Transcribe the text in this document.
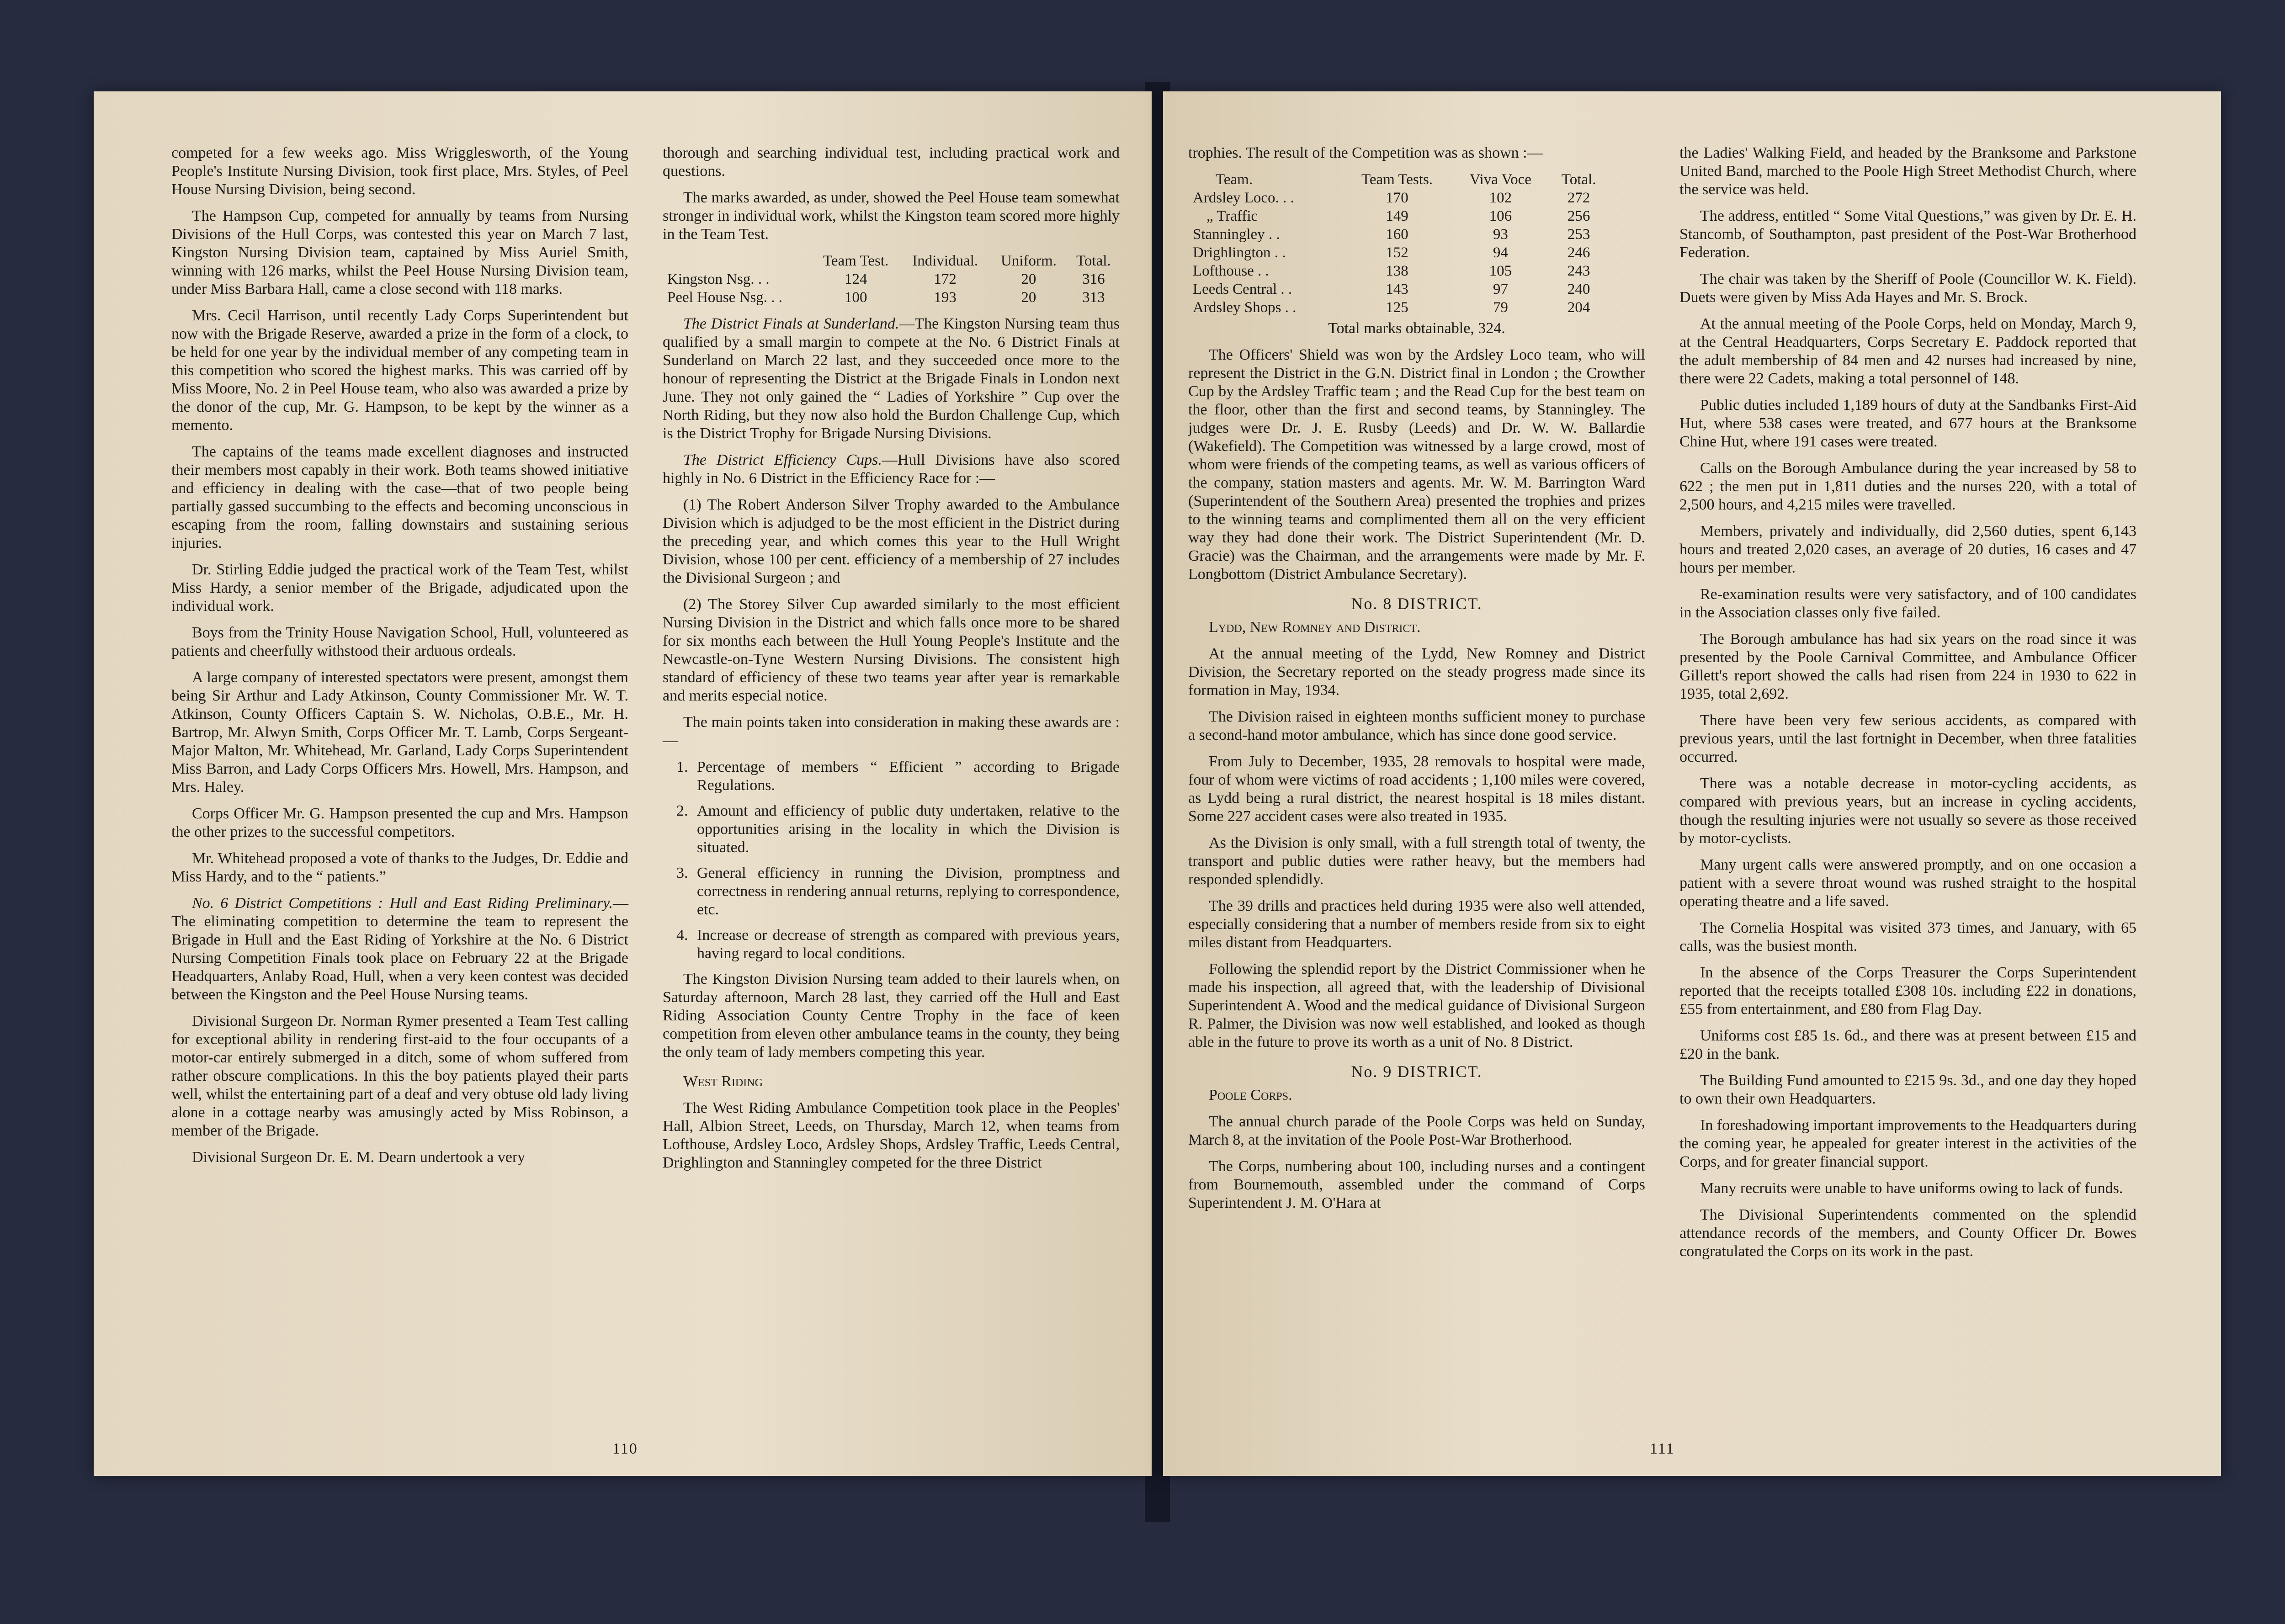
competed for a few weeks ago. Miss Wrigglesworth, of the Young People's Institute Nursing Division, took first place, Mrs. Styles, of Peel House Nursing Division, being second.

The Hampson Cup, competed for annually by teams from Nursing Divisions of the Hull Corps, was contested this year on March 7 last, Kingston Nursing Division team, captained by Miss Auriel Smith, winning with 126 marks, whilst the Peel House Nursing Division team, under Miss Barbara Hall, came a close second with 118 marks.

Mrs. Cecil Harrison, until recently Lady Corps Superintendent but now with the Brigade Reserve, awarded a prize in the form of a clock, to be held for one year by the individual member of any competing team in this competition who scored the highest marks. This was carried off by Miss Moore, No. 2 in Peel House team, who also was awarded a prize by the donor of the cup, Mr. G. Hampson, to be kept by the winner as a memento.

The captains of the teams made excellent diagnoses and instructed their members most capably in their work. Both teams showed initiative and efficiency in dealing with the case—that of two people being partially gassed succumbing to the effects and becoming unconscious in escaping from the room, falling downstairs and sustaining serious injuries.

Dr. Stirling Eddie judged the practical work of the Team Test, whilst Miss Hardy, a senior member of the Brigade, adjudicated upon the individual work.

Boys from the Trinity House Navigation School, Hull, volunteered as patients and cheerfully withstood their arduous ordeals.

A large company of interested spectators were present, amongst them being Sir Arthur and Lady Atkinson, County Commissioner Mr. W. T. Atkinson, County Officers Captain S. W. Nicholas, O.B.E., Mr. H. Bartrop, Mr. Alwyn Smith, Corps Officer Mr. T. Lamb, Corps Sergeant-Major Malton, Mr. Whitehead, Mr. Garland, Lady Corps Superintendent Miss Barron, and Lady Corps Officers Mrs. Howell, Mrs. Hampson, and Mrs. Haley.

Corps Officer Mr. G. Hampson presented the cup and Mrs. Hampson the other prizes to the successful competitors.

Mr. Whitehead proposed a vote of thanks to the Judges, Dr. Eddie and Miss Hardy, and to the “ patients.”

No. 6 District Competitions : Hull and East Riding Preliminary.—The eliminating competition to determine the team to represent the Brigade in Hull and the East Riding of Yorkshire at the No. 6 District Nursing Competition Finals took place on February 22 at the Brigade Headquarters, Anlaby Road, Hull, when a very keen contest was decided between the Kingston and the Peel House Nursing teams.

Divisional Surgeon Dr. Norman Rymer presented a Team Test calling for exceptional ability in rendering first-aid to the four occupants of a motor-car entirely submerged in a ditch, some of whom suffered from rather obscure complications. In this the boy patients played their parts well, whilst the entertaining part of a deaf and very obtuse old lady living alone in a cottage nearby was amusingly acted by Miss Robinson, a member of the Brigade.

Divisional Surgeon Dr. E. M. Dearn undertook a very

thorough and searching individual test, including practical work and questions.

The marks awarded, as under, showed the Peel House team somewhat stronger in individual work, whilst the Kingston team scored more highly in the Team Test.

	Team Test.	Individual.	Uniform.	Total.
Kingston Nsg. . .	124	172	20	316
Peel House Nsg. . .	100	193	20	313

The District Finals at Sunderland.—The Kingston Nursing team thus qualified by a small margin to compete at the No. 6 District Finals at Sunderland on March 22 last, and they succeeded once more to the honour of representing the District at the Brigade Finals in London next June. They not only gained the “ Ladies of Yorkshire ” Cup over the North Riding, but they now also hold the Burdon Challenge Cup, which is the District Trophy for Brigade Nursing Divisions.

The District Efficiency Cups.—Hull Divisions have also scored highly in No. 6 District in the Efficiency Race for :—

(1) The Robert Anderson Silver Trophy awarded to the Ambulance Division which is adjudged to be the most efficient in the District during the preceding year, and which comes this year to the Hull Wright Division, whose 100 per cent. efficiency of a membership of 27 includes the Divisional Surgeon ; and

(2) The Storey Silver Cup awarded similarly to the most efficient Nursing Division in the District and which falls once more to be shared for six months each between the Hull Young People's Institute and the Newcastle-on-Tyne Western Nursing Divisions. The consistent high standard of efficiency of these two teams year after year is remarkable and merits especial notice.

The main points taken into consideration in making these awards are :—

1. Percentage of members “ Efficient ” according to Brigade Regulations.
2. Amount and efficiency of public duty undertaken, relative to the opportunities arising in the locality in which the Division is situated.
3. General efficiency in running the Division, promptness and correctness in rendering annual returns, replying to correspondence, etc.
4. Increase or decrease of strength as compared with previous years, having regard to local conditions.

The Kingston Division Nursing team added to their laurels when, on Saturday afternoon, March 28 last, they carried off the Hull and East Riding Association County Centre Trophy in the face of keen competition from eleven other ambulance teams in the county, they being the only team of lady members competing this year.

West Riding

The West Riding Ambulance Competition took place in the Peoples' Hall, Albion Street, Leeds, on Thursday, March 12, when teams from Lofthouse, Ardsley Loco, Ardsley Shops, Ardsley Traffic, Leeds Central, Drighlington and Stanningley competed for the three District

110

trophies. The result of the Competition was as shown :—

Team.	Team Tests.	Viva Voce	Total.
Ardsley Loco. . .	170	102	272
„ Traffic	149	106	256
Stanningley . .	160	93	253
Drighlington . .	152	94	246
Lofthouse . .	138	105	243
Leeds Central . .	143	97	240
Ardsley Shops . .	125	79	204
Total marks obtainable, 324.

The Officers' Shield was won by the Ardsley Loco team, who will represent the District in the G.N. District final in London ; the Crowther Cup by the Ardsley Traffic team ; and the Read Cup for the best team on the floor, other than the first and second teams, by Stanningley. The judges were Dr. J. E. Rusby (Leeds) and Dr. W. W. Ballardie (Wakefield). The Competition was witnessed by a large crowd, most of whom were friends of the competing teams, as well as various officers of the company, station masters and agents. Mr. W. M. Barrington Ward (Superintendent of the Southern Area) presented the trophies and prizes to the winning teams and complimented them all on the very efficient way they had done their work. The District Superintendent (Mr. D. Gracie) was the Chairman, and the arrangements were made by Mr. F. Longbottom (District Ambulance Secretary).

No. 8 DISTRICT.

Lydd, New Romney and District.

At the annual meeting of the Lydd, New Romney and District Division, the Secretary reported on the steady progress made since its formation in May, 1934.

The Division raised in eighteen months sufficient money to purchase a second-hand motor ambulance, which has since done good service.

From July to December, 1935, 28 removals to hospital were made, four of whom were victims of road accidents ; 1,100 miles were covered, as Lydd being a rural district, the nearest hospital is 18 miles distant. Some 227 accident cases were also treated in 1935.

As the Division is only small, with a full strength total of twenty, the transport and public duties were rather heavy, but the members had responded splendidly.

The 39 drills and practices held during 1935 were also well attended, especially considering that a number of members reside from six to eight miles distant from Headquarters.

Following the splendid report by the District Commissioner when he made his inspection, all agreed that, with the leadership of Divisional Superintendent A. Wood and the medical guidance of Divisional Surgeon R. Palmer, the Division was now well established, and looked as though able in the future to prove its worth as a unit of No. 8 District.

No. 9 DISTRICT.

Poole Corps.

The annual church parade of the Poole Corps was held on Sunday, March 8, at the invitation of the Poole Post-War Brotherhood.

The Corps, numbering about 100, including nurses and a contingent from Bournemouth, assembled under the command of Corps Superintendent J. M. O'Hara at

the Ladies' Walking Field, and headed by the Branksome and Parkstone United Band, marched to the Poole High Street Methodist Church, where the service was held.

The address, entitled “ Some Vital Questions,” was given by Dr. E. H. Stancomb, of Southampton, past president of the Post-War Brotherhood Federation.

The chair was taken by the Sheriff of Poole (Councillor W. K. Field). Duets were given by Miss Ada Hayes and Mr. S. Brock.

At the annual meeting of the Poole Corps, held on Monday, March 9, at the Central Headquarters, Corps Secretary E. Paddock reported that the adult membership of 84 men and 42 nurses had increased by nine, there were 22 Cadets, making a total personnel of 148.

Public duties included 1,189 hours of duty at the Sandbanks First-Aid Hut, where 538 cases were treated, and 677 hours at the Branksome Chine Hut, where 191 cases were treated.

Calls on the Borough Ambulance during the year increased by 58 to 622 ; the men put in 1,811 duties and the nurses 220, with a total of 2,500 hours, and 4,215 miles were travelled.

Members, privately and individually, did 2,560 duties, spent 6,143 hours and treated 2,020 cases, an average of 20 duties, 16 cases and 47 hours per member.

Re-examination results were very satisfactory, and of 100 candidates in the Association classes only five failed.

The Borough ambulance has had six years on the road since it was presented by the Poole Carnival Committee, and Ambulance Officer Gillett's report showed the calls had risen from 224 in 1930 to 622 in 1935, total 2,692.

There have been very few serious accidents, as compared with previous years, until the last fortnight in December, when three fatalities occurred.

There was a notable decrease in motor-cycling accidents, as compared with previous years, but an increase in cycling accidents, though the resulting injuries were not usually so severe as those received by motor-cyclists.

Many urgent calls were answered promptly, and on one occasion a patient with a severe throat wound was rushed straight to the hospital operating theatre and a life saved.

The Cornelia Hospital was visited 373 times, and January, with 65 calls, was the busiest month.

In the absence of the Corps Treasurer the Corps Superintendent reported that the receipts totalled £308 10s. including £22 in donations, £55 from entertainment, and £80 from Flag Day.

Uniforms cost £85 1s. 6d., and there was at present between £15 and £20 in the bank.

The Building Fund amounted to £215 9s. 3d., and one day they hoped to own their own Headquarters.

In foreshadowing important improvements to the Headquarters during the coming year, he appealed for greater interest in the activities of the Corps, and for greater financial support.

Many recruits were unable to have uniforms owing to lack of funds.

The Divisional Superintendents commented on the splendid attendance records of the members, and County Officer Dr. Bowes congratulated the Corps on its work in the past.

111
